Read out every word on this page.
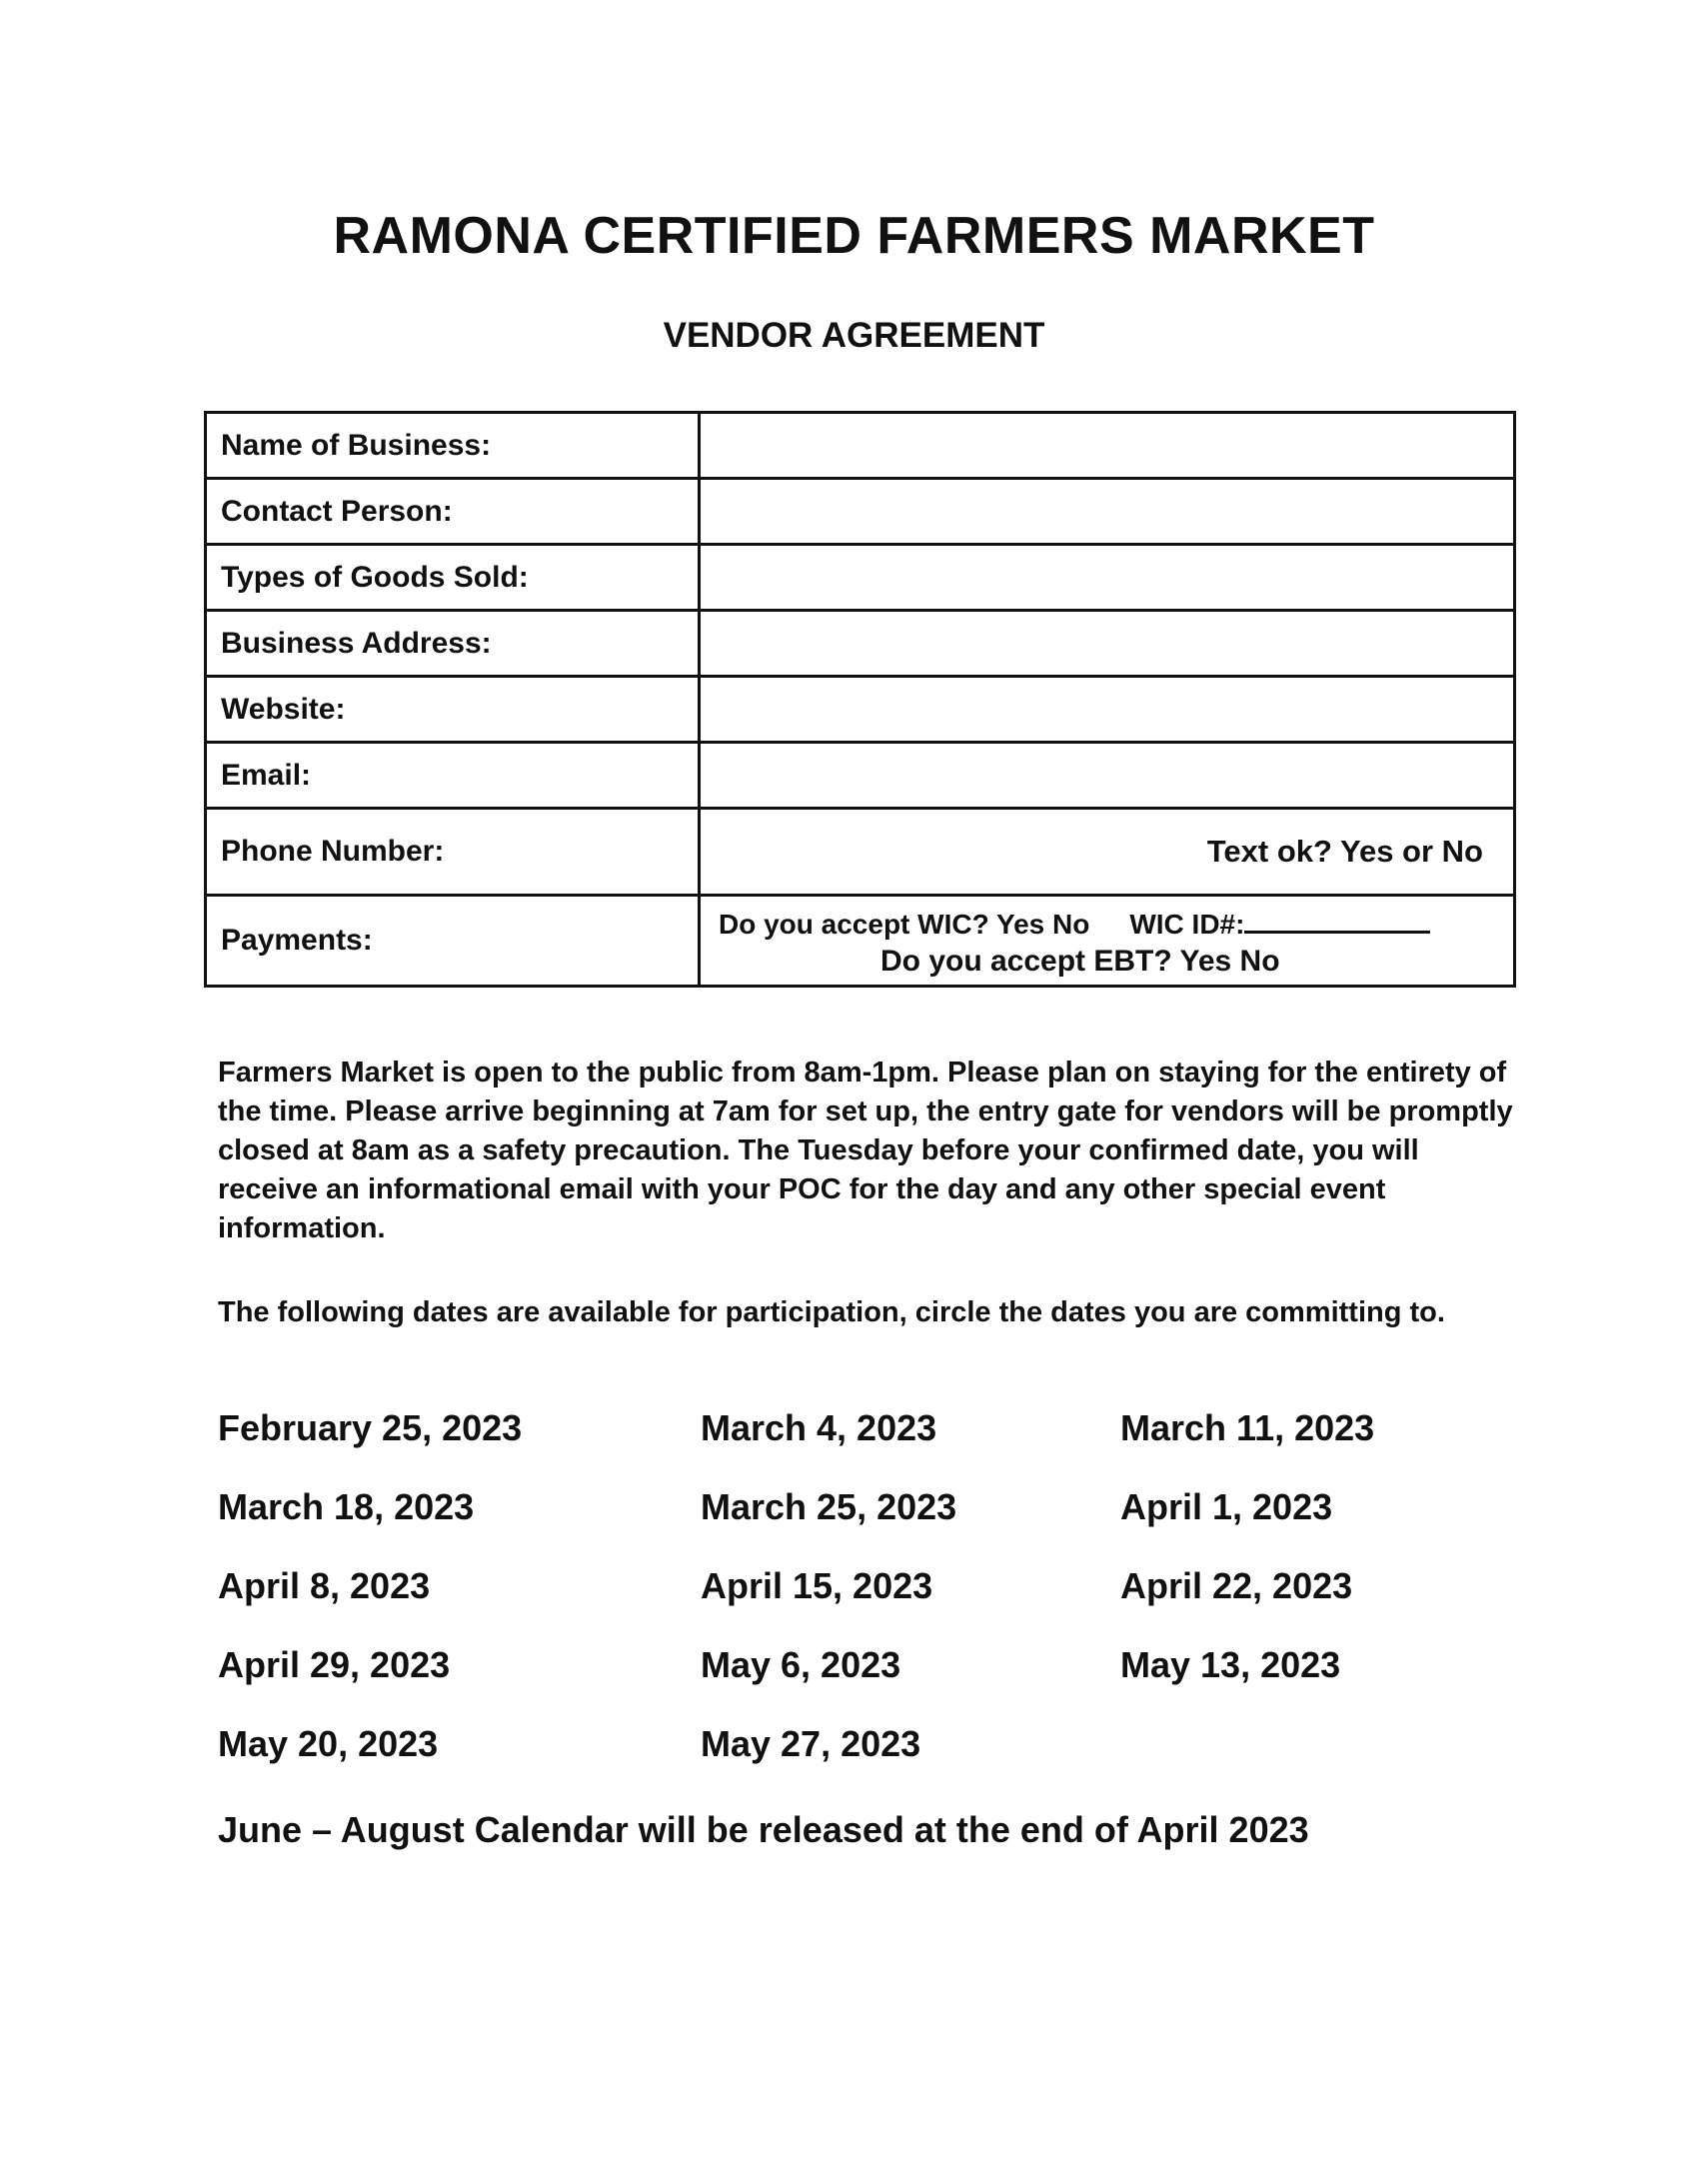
RAMONA CERTIFIED FARMERS MARKET
VENDOR AGREEMENT
Name of Business:	
Contact Person:	
Types of Goods Sold:	
Business Address:	
Website:	
Email:	
Phone Number:	Text ok? Yes or No

Payments:	Do you accept WIC? Yes No WIC ID#:
Do you accept EBT? Yes No

Farmers Market is open to the public from 8am-1pm. Please plan on staying for the entirety of the time. Please arrive beginning at 7am for set up, the entry gate for vendors will be promptly closed at 8am as a safety precaution. The Tuesday before your confirmed date, you will receive an informational email with your POC for the day and any other special event information.

The following dates are available for participation, circle the dates you are committing to.

February 25, 2023	March 4, 2023	March 11, 2023
March 18, 2023	March 25, 2023	April 1, 2023
April 8, 2023	April 15, 2023	April 22, 2023
April 29, 2023	May 6, 2023	May 13, 2023
May 20, 2023	May 27, 2023

June – August Calendar will be released at the end of April 2023
